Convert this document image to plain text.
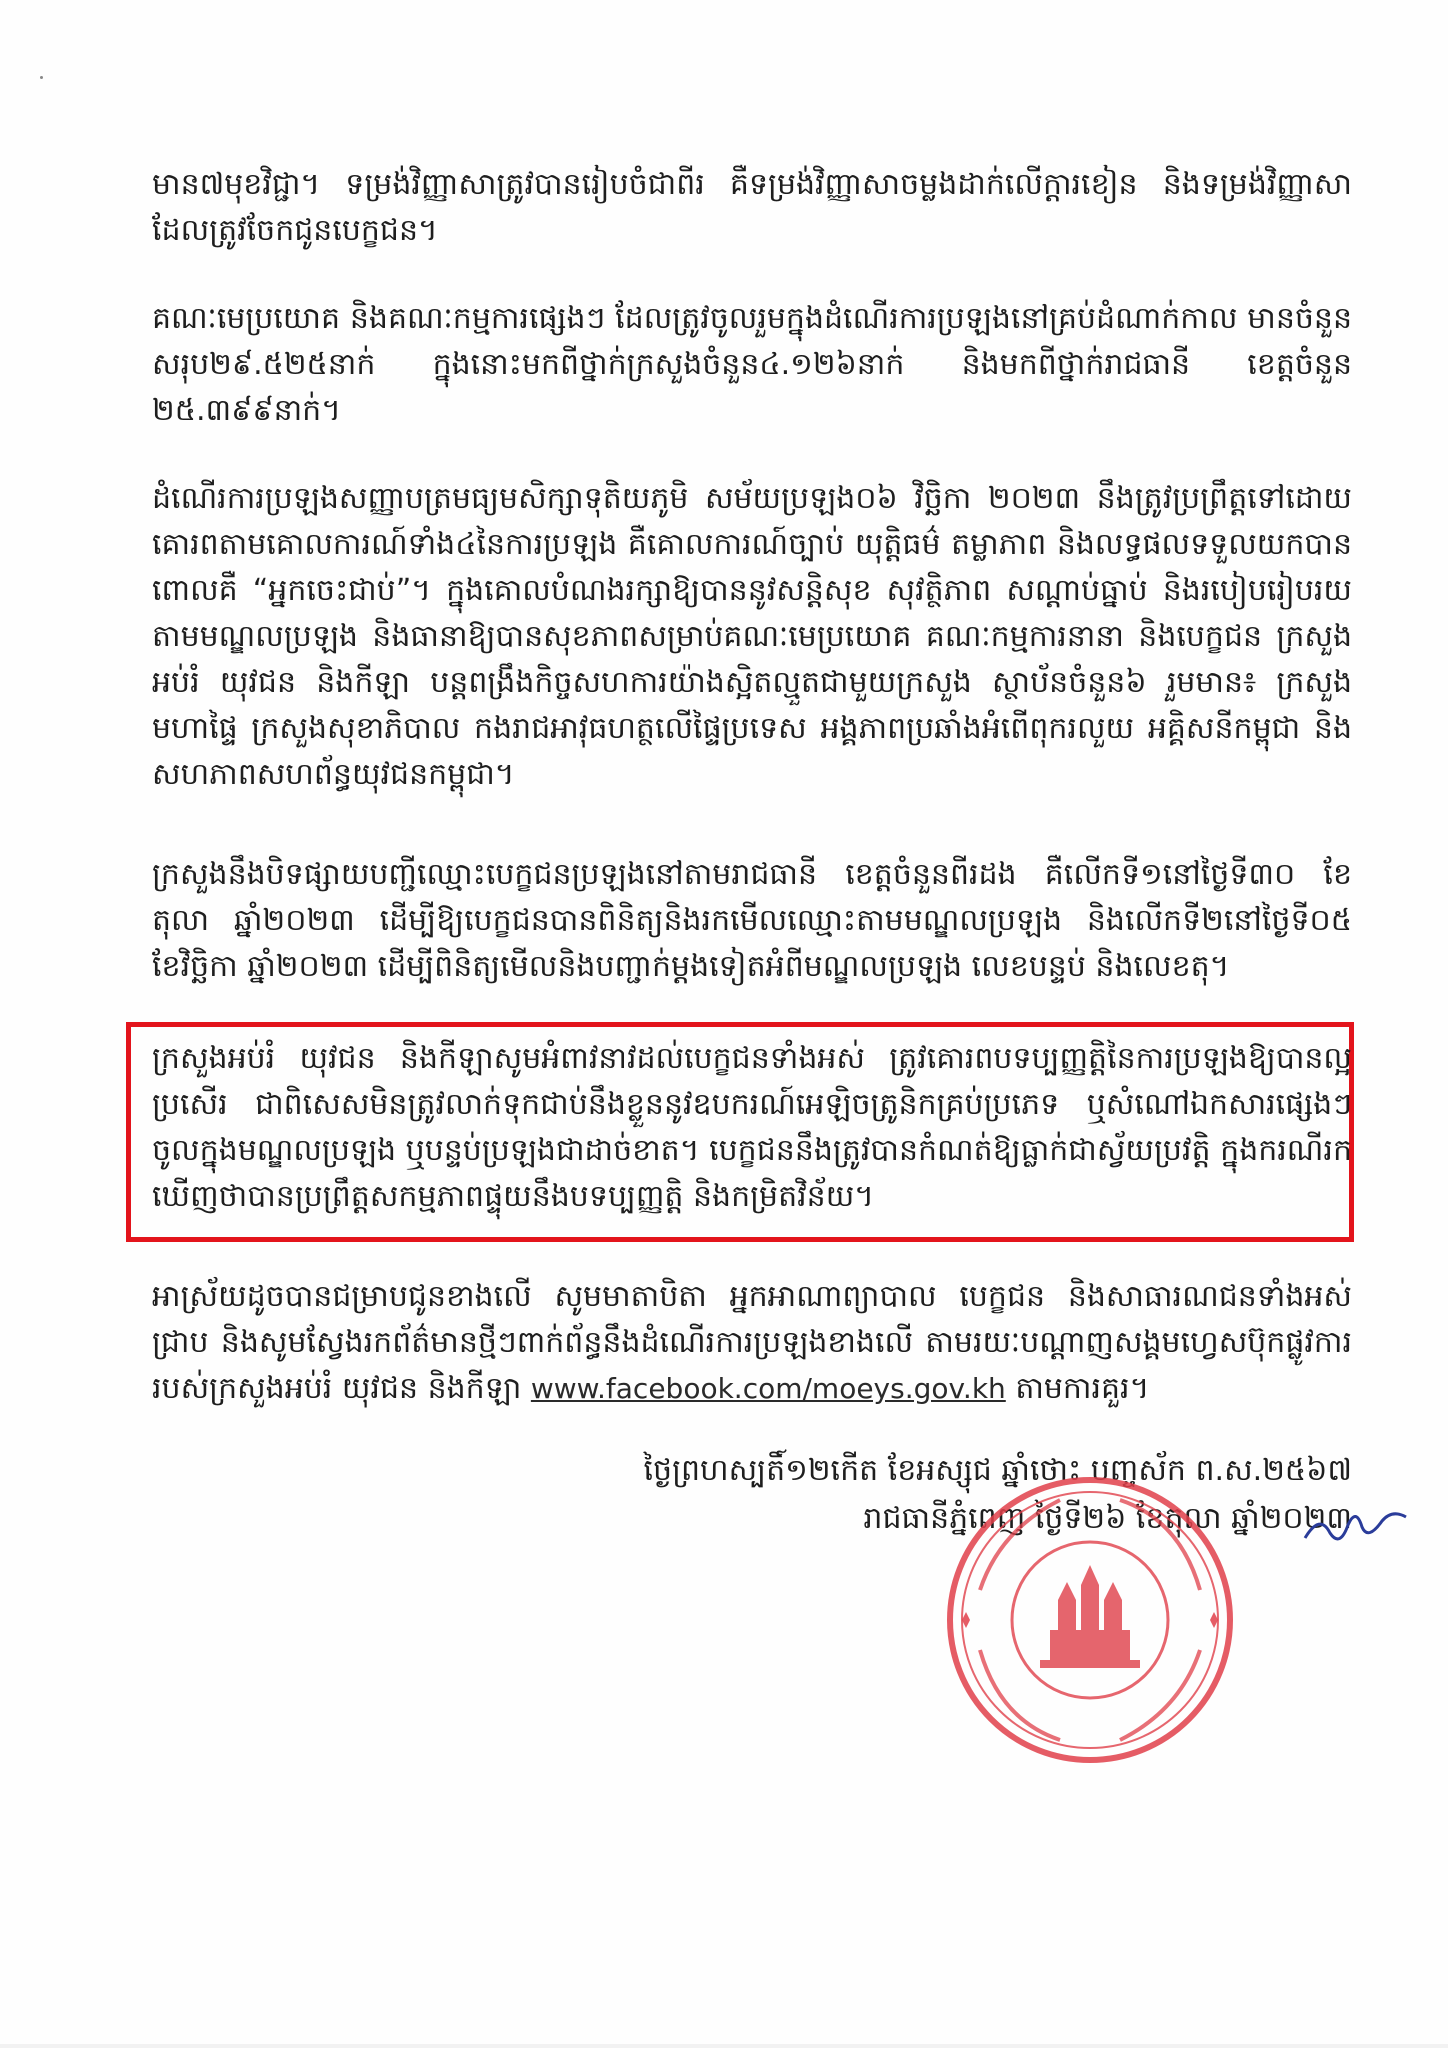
មាន៧មុខវិជ្ជា។ ទម្រង់វិញ្ញាសាត្រូវបានរៀបចំជាពីរ គឺទម្រង់វិញ្ញាសាចម្លងដាក់លើក្តារខៀន និងទម្រង់វិញ្ញាសាដែលត្រូវចែកជូនបេក្ខជន។

គណៈមេប្រយោគ និងគណៈកម្មការផ្សេងៗ ដែលត្រូវចូលរួមក្នុងដំណើរការប្រឡងនៅគ្រប់ដំណាក់កាល មានចំនួនសរុប២៩.៥២៥នាក់ ក្នុងនោះមកពីថ្នាក់ក្រសួងចំនួន៤.១២៦នាក់ និងមកពីថ្នាក់រាជធានី ខេត្តចំនួន ២៥.៣៩៩នាក់។

ដំណើរការប្រឡងសញ្ញាបត្រមធ្យមសិក្សាទុតិយភូមិ សម័យប្រឡង០៦ វិច្ឆិកា ២០២៣ នឹងត្រូវប្រព្រឹត្តទៅដោយគោរពតាមគោលការណ៍ទាំង៤នៃការប្រឡង គឺគោលការណ៍ច្បាប់ យុត្តិធម៌ តម្លាភាព និងលទ្ធផលទទួលយកបាន ពោលគឺ “អ្នកចេះជាប់”។ ក្នុងគោលបំណងរក្សាឱ្យបាននូវសន្តិសុខ សុវត្ថិភាព សណ្តាប់ធ្នាប់ និងរបៀបរៀបរយតាមមណ្ឌលប្រឡង និងធានាឱ្យបានសុខភាពសម្រាប់គណៈមេប្រយោគ គណៈកម្មការនានា និងបេក្ខជន ក្រសួងអប់រំ យុវជន និងកីឡា បន្តពង្រឹងកិច្ចសហការយ៉ាងស្អិតល្មួតជាមួយក្រសួង ស្ថាប័នចំនួន៦ រួមមាន៖ ក្រសួងមហាផ្ទៃ ក្រសួងសុខាភិបាល កងរាជអាវុធហត្ថលើផ្ទៃប្រទេស អង្គភាពប្រឆាំងអំពើពុករលួយ អគ្គិសនីកម្ពុជា និងសហភាពសហព័ន្ធយុវជនកម្ពុជា។

ក្រសួងនឹងបិទផ្សាយបញ្ជីឈ្មោះបេក្ខជនប្រឡងនៅតាមរាជធានី ខេត្តចំនួនពីរដង គឺលើកទី១នៅថ្ងៃទី៣០ ខែតុលា ឆ្នាំ២០២៣ ដើម្បីឱ្យបេក្ខជនបានពិនិត្យនិងរកមើលឈ្មោះតាមមណ្ឌលប្រឡង និងលើកទី២នៅថ្ងៃទី០៥ ខែវិច្ឆិកា ឆ្នាំ២០២៣ ដើម្បីពិនិត្យមើលនិងបញ្ជាក់ម្តងទៀតអំពីមណ្ឌលប្រឡង លេខបន្ទប់ និងលេខតុ។

ក្រសួងអប់រំ យុវជន និងកីឡាសូមអំពាវនាវដល់បេក្ខជនទាំងអស់ ត្រូវគោរពបទប្បញ្ញត្តិនៃការប្រឡងឱ្យបានល្អប្រសើរ ជាពិសេសមិនត្រូវលាក់ទុកជាប់នឹងខ្លួននូវឧបករណ៍អេឡិចត្រូនិកគ្រប់ប្រភេទ ឬសំណៅឯកសារផ្សេងៗចូលក្នុងមណ្ឌលប្រឡង ឬបន្ទប់ប្រឡងជាដាច់ខាត។ បេក្ខជននឹងត្រូវបានកំណត់ឱ្យធ្លាក់ជាស្វ័យប្រវត្តិ ក្នុងករណីរកឃើញថាបានប្រព្រឹត្តសកម្មភាពផ្ទុយនឹងបទប្បញ្ញត្តិ និងកម្រិតវិន័យ។

អាស្រ័យដូចបានជម្រាបជូនខាងលើ សូមមាតាបិតា អ្នកអាណាព្យាបាល បេក្ខជន និងសាធារណជនទាំងអស់ជ្រាប និងសូមស្វែងរកព័ត៌មានថ្មីៗពាក់ព័ន្ធនឹងដំណើរការប្រឡងខាងលើ តាមរយៈបណ្តាញសង្គមហ្វេសប៊ុកផ្លូវការរបស់ក្រសួងអប់រំ យុវជន និងកីឡា www.facebook.com/moeys.gov.kh តាមការគួរ។

ថ្ងៃព្រហស្បតិ៍១២កើត ខែអស្សុជ ឆ្នាំថោះ បញ្ចស័ក ព.ស.២៥៦៧

រាជធានីភ្នំពេញ ថ្ងៃទី២៦ ខែតុលា ឆ្នាំ២០២៣
